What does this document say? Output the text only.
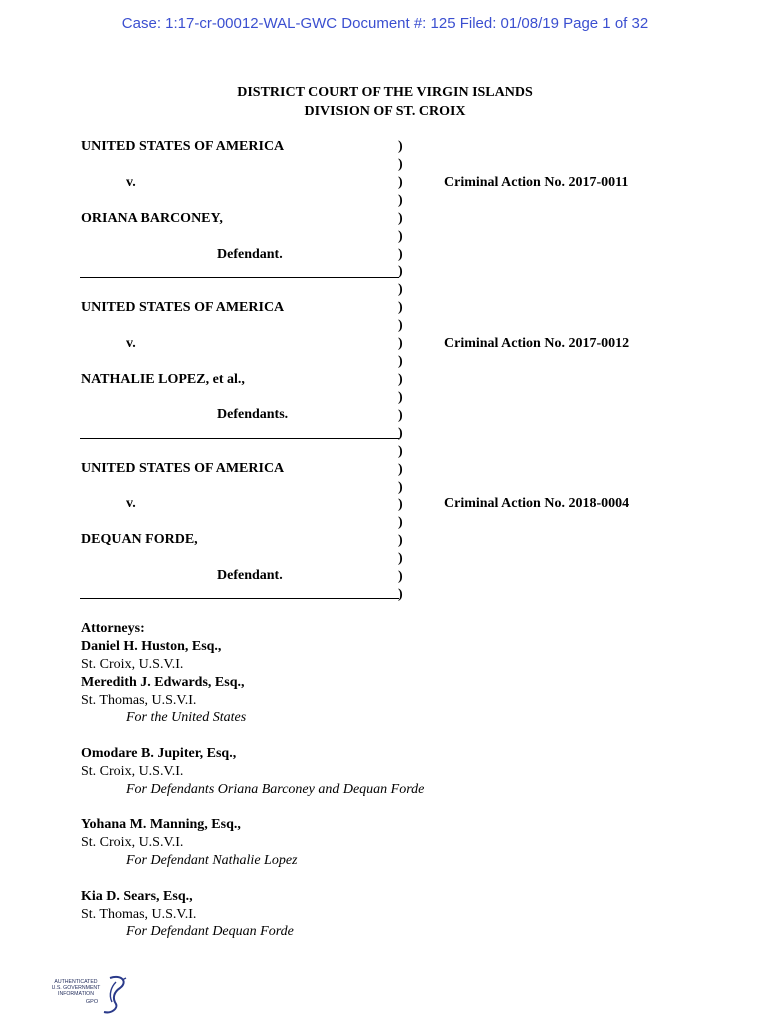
Case: 1:17-cr-00012-WAL-GWC Document #: 125 Filed: 01/08/19 Page 1 of 32
DISTRICT COURT OF THE VIRGIN ISLANDS
DIVISION OF ST. CROIX
UNITED STATES OF AMERICA
v.	Criminal Action No. 2017-0011
ORIANA BARCONEY,
Defendant.
UNITED STATES OF AMERICA
v.	Criminal Action No. 2017-0012
NATHALIE LOPEZ, et al.,
Defendants.
UNITED STATES OF AMERICA
v.	Criminal Action No. 2018-0004
DEQUAN FORDE,
Defendant.
)
)
)
)
)
)
)
)
)
)
)
)
)
)
)
)
)
)
)
)
)
)
)
)
)
)
Attorneys:
Daniel H. Huston, Esq.,
St. Croix, U.S.V.I.
Meredith J. Edwards, Esq.,
St. Thomas, U.S.V.I.
For the United States
Omodare B. Jupiter, Esq.,
St. Croix, U.S.V.I.
For Defendants Oriana Barconey and Dequan Forde
Yohana M. Manning, Esq.,
St. Croix, U.S.V.I.
For Defendant Nathalie Lopez
Kia D. Sears, Esq.,
St. Thomas, U.S.V.I.
For Defendant Dequan Forde
AUTHENTICATED
U.S. GOVERNMENT
INFORMATION
GPO
